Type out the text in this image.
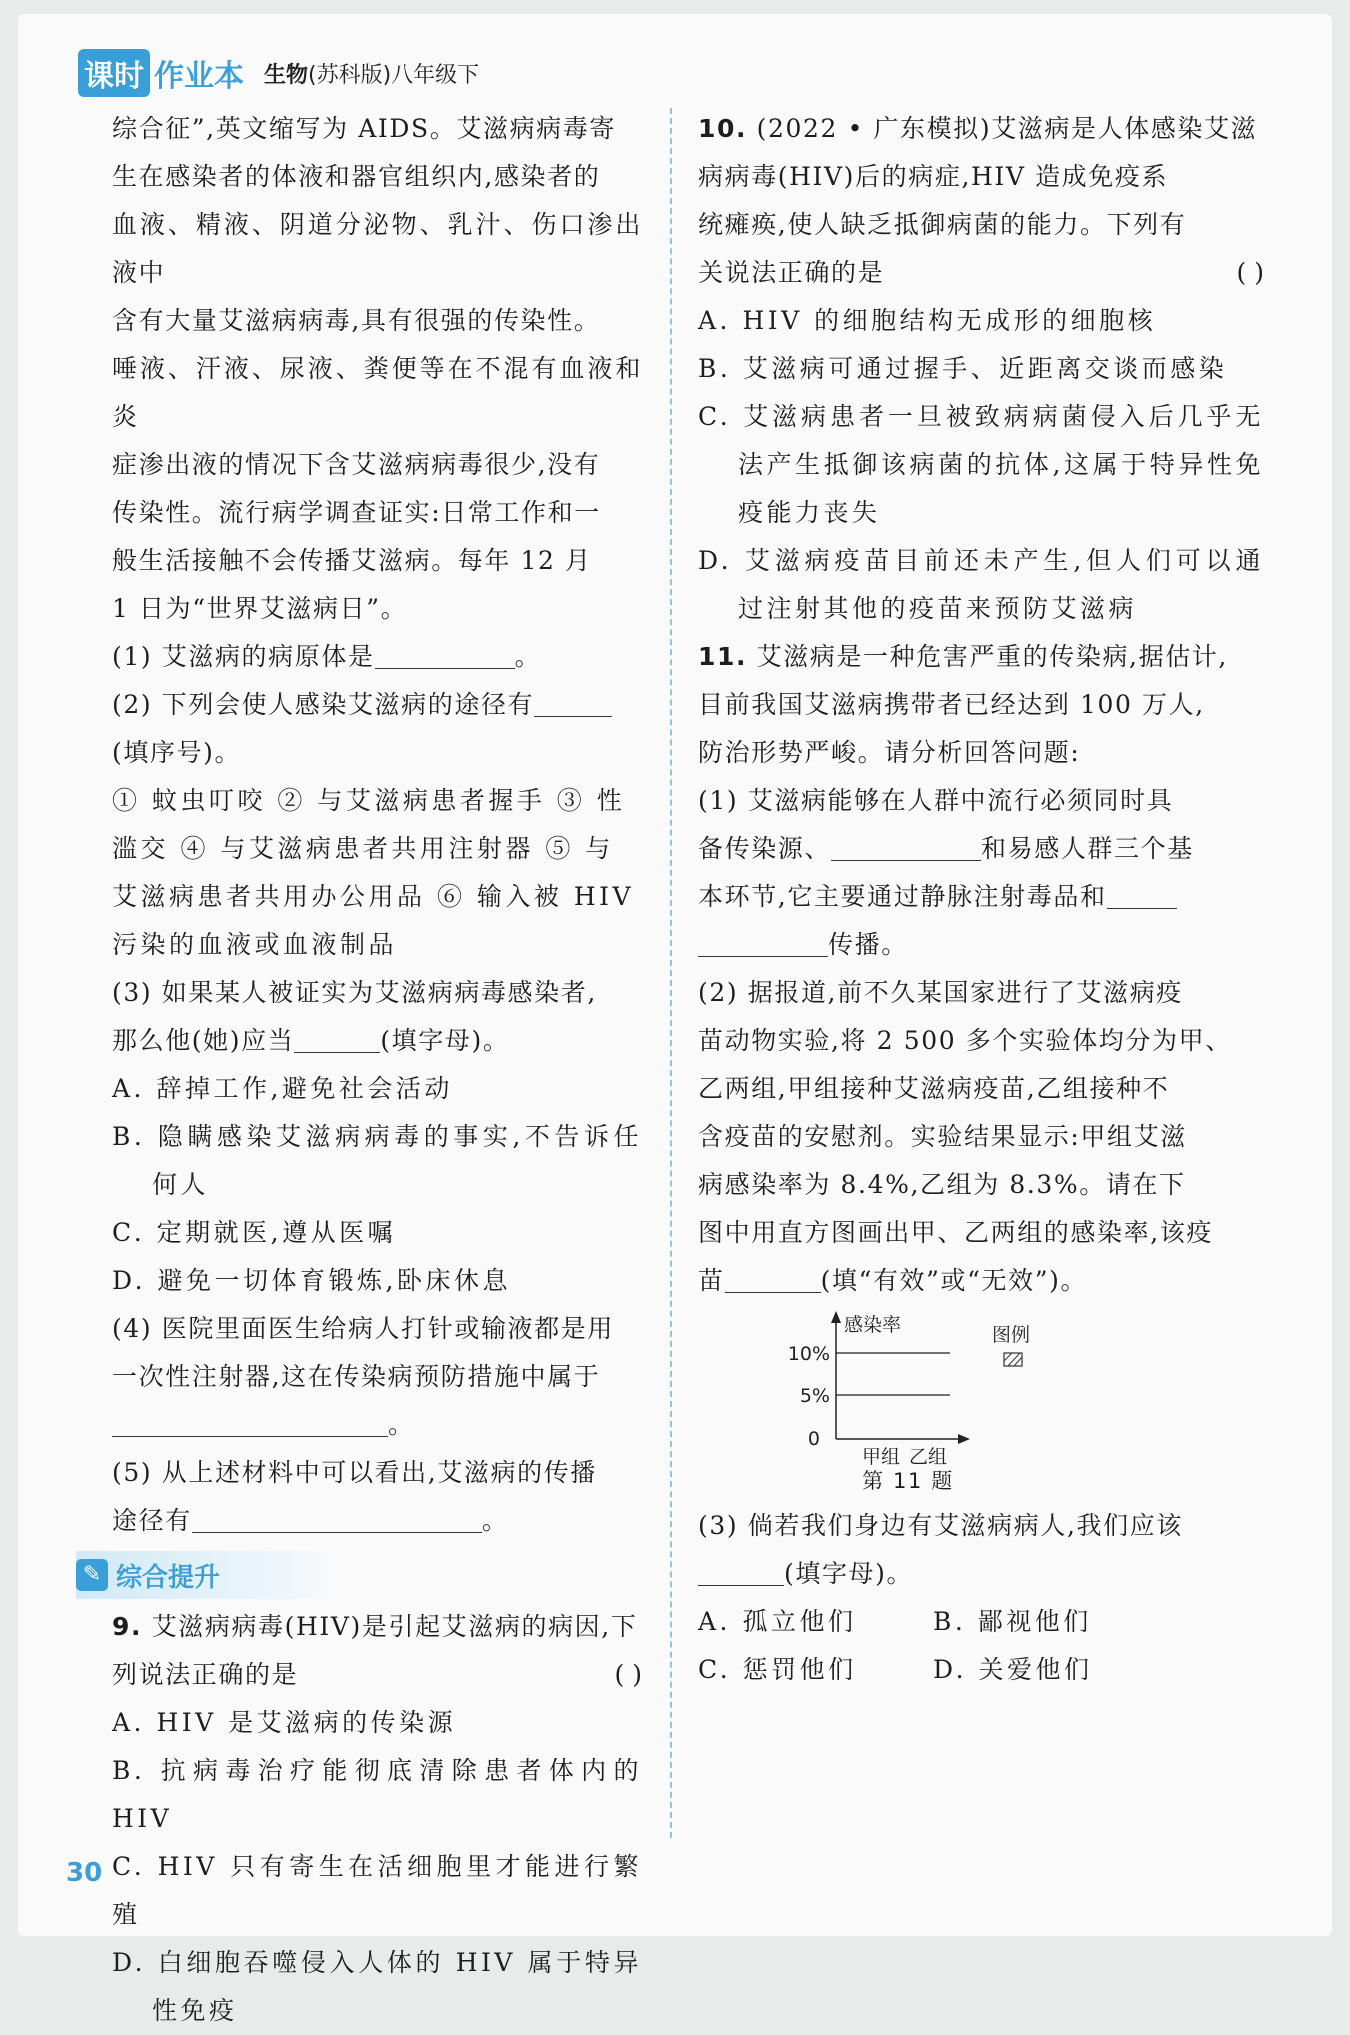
课时 作业本 生物(苏科版)八年级下
综合征”,英文缩写为 AIDS。艾滋病病毒寄
生在感染者的体液和器官组织内,感染者的
血液、精液、阴道分泌物、乳汁、伤口渗出液中
含有大量艾滋病病毒,具有很强的传染性。
唾液、汗液、尿液、粪便等在不混有血液和炎
症渗出液的情况下含艾滋病病毒很少,没有
传染性。流行病学调查证实:日常工作和一
般生活接触不会传播艾滋病。每年 12 月
1 日为“世界艾滋病日”。
(1) 艾滋病的病原体是	。
(2) 下列会使人感染艾滋病的途径有
(填序号)。
① 蚊虫叮咬 ② 与艾滋病患者握手 ③ 性
滥交 ④ 与艾滋病患者共用注射器 ⑤ 与
艾滋病患者共用办公用品 ⑥ 输入被 HIV
污染的血液或血液制品
(3) 如果某人被证实为艾滋病病毒感染者,
那么他(她)应当	(填字母)。
A. 辞掉工作,避免社会活动
B. 隐瞒感染艾滋病病毒的事实,不告诉任何人
C. 定期就医,遵从医嘱
D. 避免一切体育锻炼,卧床休息
(4) 医院里面医生给病人打针或输液都是用
一次性注射器,这在传染病预防措施中属于
。
(5) 从上述材料中可以看出,艾滋病的传播
途径有	。
✎ 综合提升
9. 艾滋病病毒(HIV)是引起艾滋病的病因,下
列说法正确的是	( )
A. HIV 是艾滋病的传染源
B. 抗病毒治疗能彻底清除患者体内的 HIV
C. HIV 只有寄生在活细胞里才能进行繁殖
D. 白细胞吞噬侵入人体的 HIV 属于特异性免疫
10. (2022 • 广东模拟)艾滋病是人体感染艾滋
病病毒(HIV)后的病症,HIV 造成免疫系
统瘫痪,使人缺乏抵御病菌的能力。下列有
关说法正确的是	( )
A. HIV 的细胞结构无成形的细胞核
B. 艾滋病可通过握手、近距离交谈而感染
C. 艾滋病患者一旦被致病病菌侵入后几乎无法产生抵御该病菌的抗体,这属于特异性免疫能力丧失
D. 艾滋病疫苗目前还未产生,但人们可以通过注射其他的疫苗来预防艾滋病
11. 艾滋病是一种危害严重的传染病,据估计,
目前我国艾滋病携带者已经达到 100 万人,
防治形势严峻。请分析回答问题:
(1) 艾滋病能够在人群中流行必须同时具
备传染源、	和易感人群三个基
本环节,它主要通过静脉注射毒品和
传播。
(2) 据报道,前不久某国家进行了艾滋病疫
苗动物实验,将 2 500 多个实验体均分为甲、
乙两组,甲组接种艾滋病疫苗,乙组接种不
含疫苗的安慰剂。实验结果显示:甲组艾滋
病感染率为 8.4%,乙组为 8.3%。请在下
图中用直方图画出甲、乙两组的感染率,该疫
苗	(填“有效”或“无效”)。
感染率
10%
5%
0
甲组 乙组
图例
第 11 题
(3) 倘若我们身边有艾滋病病人,我们应该
(填字母)。
A. 孤立他们	B. 鄙视他们
C. 惩罚他们	D. 关爱他们
30
